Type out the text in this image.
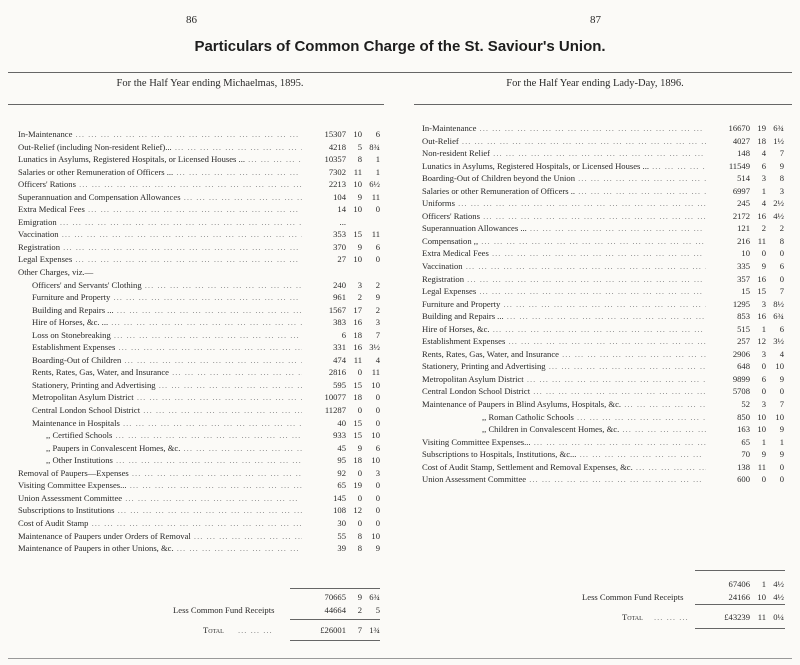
86	87
Particulars of Common Charge of the St. Saviour's Union.
For the Half Year ending Michaelmas, 1895.	For the Half Year ending Lady-Day, 1896.
In-Maintenance ... .	15307 10	6
Out-Relief (including Non-resident Relief)... ... .	4218	5 8¾
Lunatics in Asylums, Registered Hospitals, or Licensed Houses ... ... .	10357	8	1
Salaries or other Remuneration of Officers ... ... .	7302 11	1
Officers' Rations ... .	2213 10 6½
Superannuation and Compensation Allowances ... .	104	9	11
Extra Medical Fees ... .	14 10	0
Emigration ... .	...
Vaccination ... .	353 15	11
Registration ... .	370	9	6
Legal Expenses ... .	27 10	0
Other Charges, viz.—
Officers' and Servants' Clothing ... .	240	3	2
Furniture and Property ... .	961	2	9
Building and Repairs ... ... .	1567 17	2
Hire of Horses, &c. ... ... .	383 16	3
Loss on Stonebreaking ... .	6 18	7
Establishment Expenses ... .	331 16 3½
Boarding-Out of Children ... .	474 11	4
Rents, Rates, Gas, Water, and Insurance ... .	2816	0	11
Stationery, Printing and Advertising ... .	595 15	10
Metropolitan Asylum District ... .	10077 18	0
Central London School District ... .	11287	0	0
Maintenance in Hospitals ... .	40 15	0
,, Certified Schools ... .	933 15	10
,, Paupers in Convalescent Homes, &c. ... .	45	9	6
,, Other Institutions ... .	95 18	10
Removal of Paupers—Expenses ... .	92	0	3
Visiting Committee Expenses... ... .	65 19	0
Union Assessment Committee ... .	145	0	0
Subscriptions to Institutions ... .	108 12	0
Cost of Audit Stamp ... .	30	0	0
Maintenance of Paupers under Orders of Removal ... .	55	8	10
Maintenance of Paupers in other Unions, &c. ... .	39	8	9
In-Maintenance ... .	16670 19 6¾
Out-Relief ... .	4027 18 1½
Non-resident Relief ... .	148	4	7
Lunatics in Asylums, Registered Hospitals, or Licensed Houses ... ... .	11549	6	9
Boarding-Out of Children beyond the Union ... .	514	3	8
Salaries or other Remuneration of Officers .. ... .	6997	1	3
Uniforms ... .	245	4 2½
Officers' Rations ... .	2172 16 4½
Superannuation Allowances ... ... .	121	2	2
Compensation ,, ... .	216 11	8
Extra Medical Fees ... .	10	0	0
Vaccination ... .	335	9	6
Registration ... .	357 16	0
Legal Expenses ... .	15 15	7
Furniture and Property ... .	1295	3 8½
Building and Repairs ... ... .	853 16 6¾
Hire of Horses, &c. ... .	515	1	6
Establishment Expenses ... .	257 12 3½
Rents, Rates, Gas, Water, and Insurance ... .	2906	3	4
Stationery, Printing and Advertising ... .	648	0	10
Metropolitan Asylum District ... .	9899	6	9
Central London School District ... .	5708	0	0
Maintenance of Paupers in Blind Asylums, Hospitals, &c. ... .	52	3	7
,, Roman Catholic Schools ... .	850 10	10
,, Children in Convalescent Homes, &c. ... .	163 10	9
Visiting Committee Expenses... ... .	65	1	1
Subscriptions to Hospitals, Institutions, &c... ... .	70	9	9
Cost of Audit Stamp, Settlement and Removal Expenses, &c. ... .	138 11	0
Union Assessment Committee ... .	600	0	0
70665	9 6¾
Less Common Fund Receipts	44664	2	5
Total ... ... ...	£26001	7 1¾
67406	1 4½
Less Common Fund Receipts	24166 10 4½
Total ... ... ...	£43239 11 0¼
